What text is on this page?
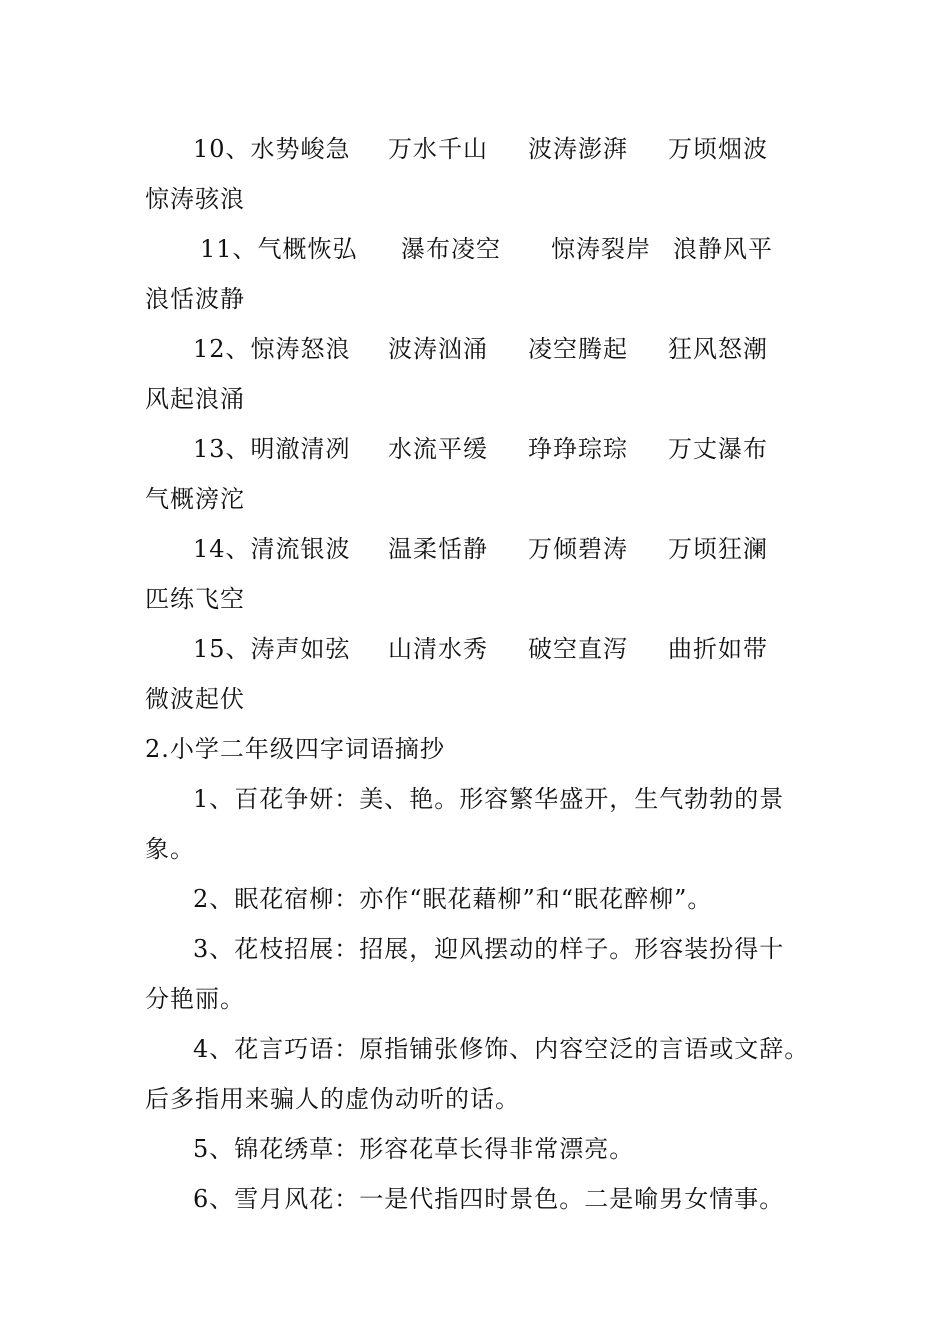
10、水势峻急 万水千山 波涛澎湃 万顷烟波
惊涛骇浪
11、气概恢弘 瀑布凌空 惊涛裂岸 浪静风平
浪恬波静
12、惊涛怒浪 波涛汹涌 凌空腾起 狂风怒潮
风起浪涌
13、明澈清冽 水流平缓 琤琤琮琮 万丈瀑布
气概滂沱
14、清流银波 温柔恬静 万倾碧涛 万顷狂澜
匹练飞空
15、涛声如弦 山清水秀 破空直泻 曲折如带
微波起伏
2.小学二年级四字词语摘抄
1、百花争妍：美、艳。形容繁华盛开，生气勃勃的景
象。
2、眠花宿柳：亦作“眠花藉柳”和“眠花醉柳”。
3、花枝招展：招展，迎风摆动的样子。形容装扮得十
分艳丽。
4、花言巧语：原指铺张修饰、内容空泛的言语或文辞。
后多指用来骗人的虚伪动听的话。
5、锦花绣草：形容花草长得非常漂亮。
6、雪月风花：一是代指四时景色。二是喻男女情事。
